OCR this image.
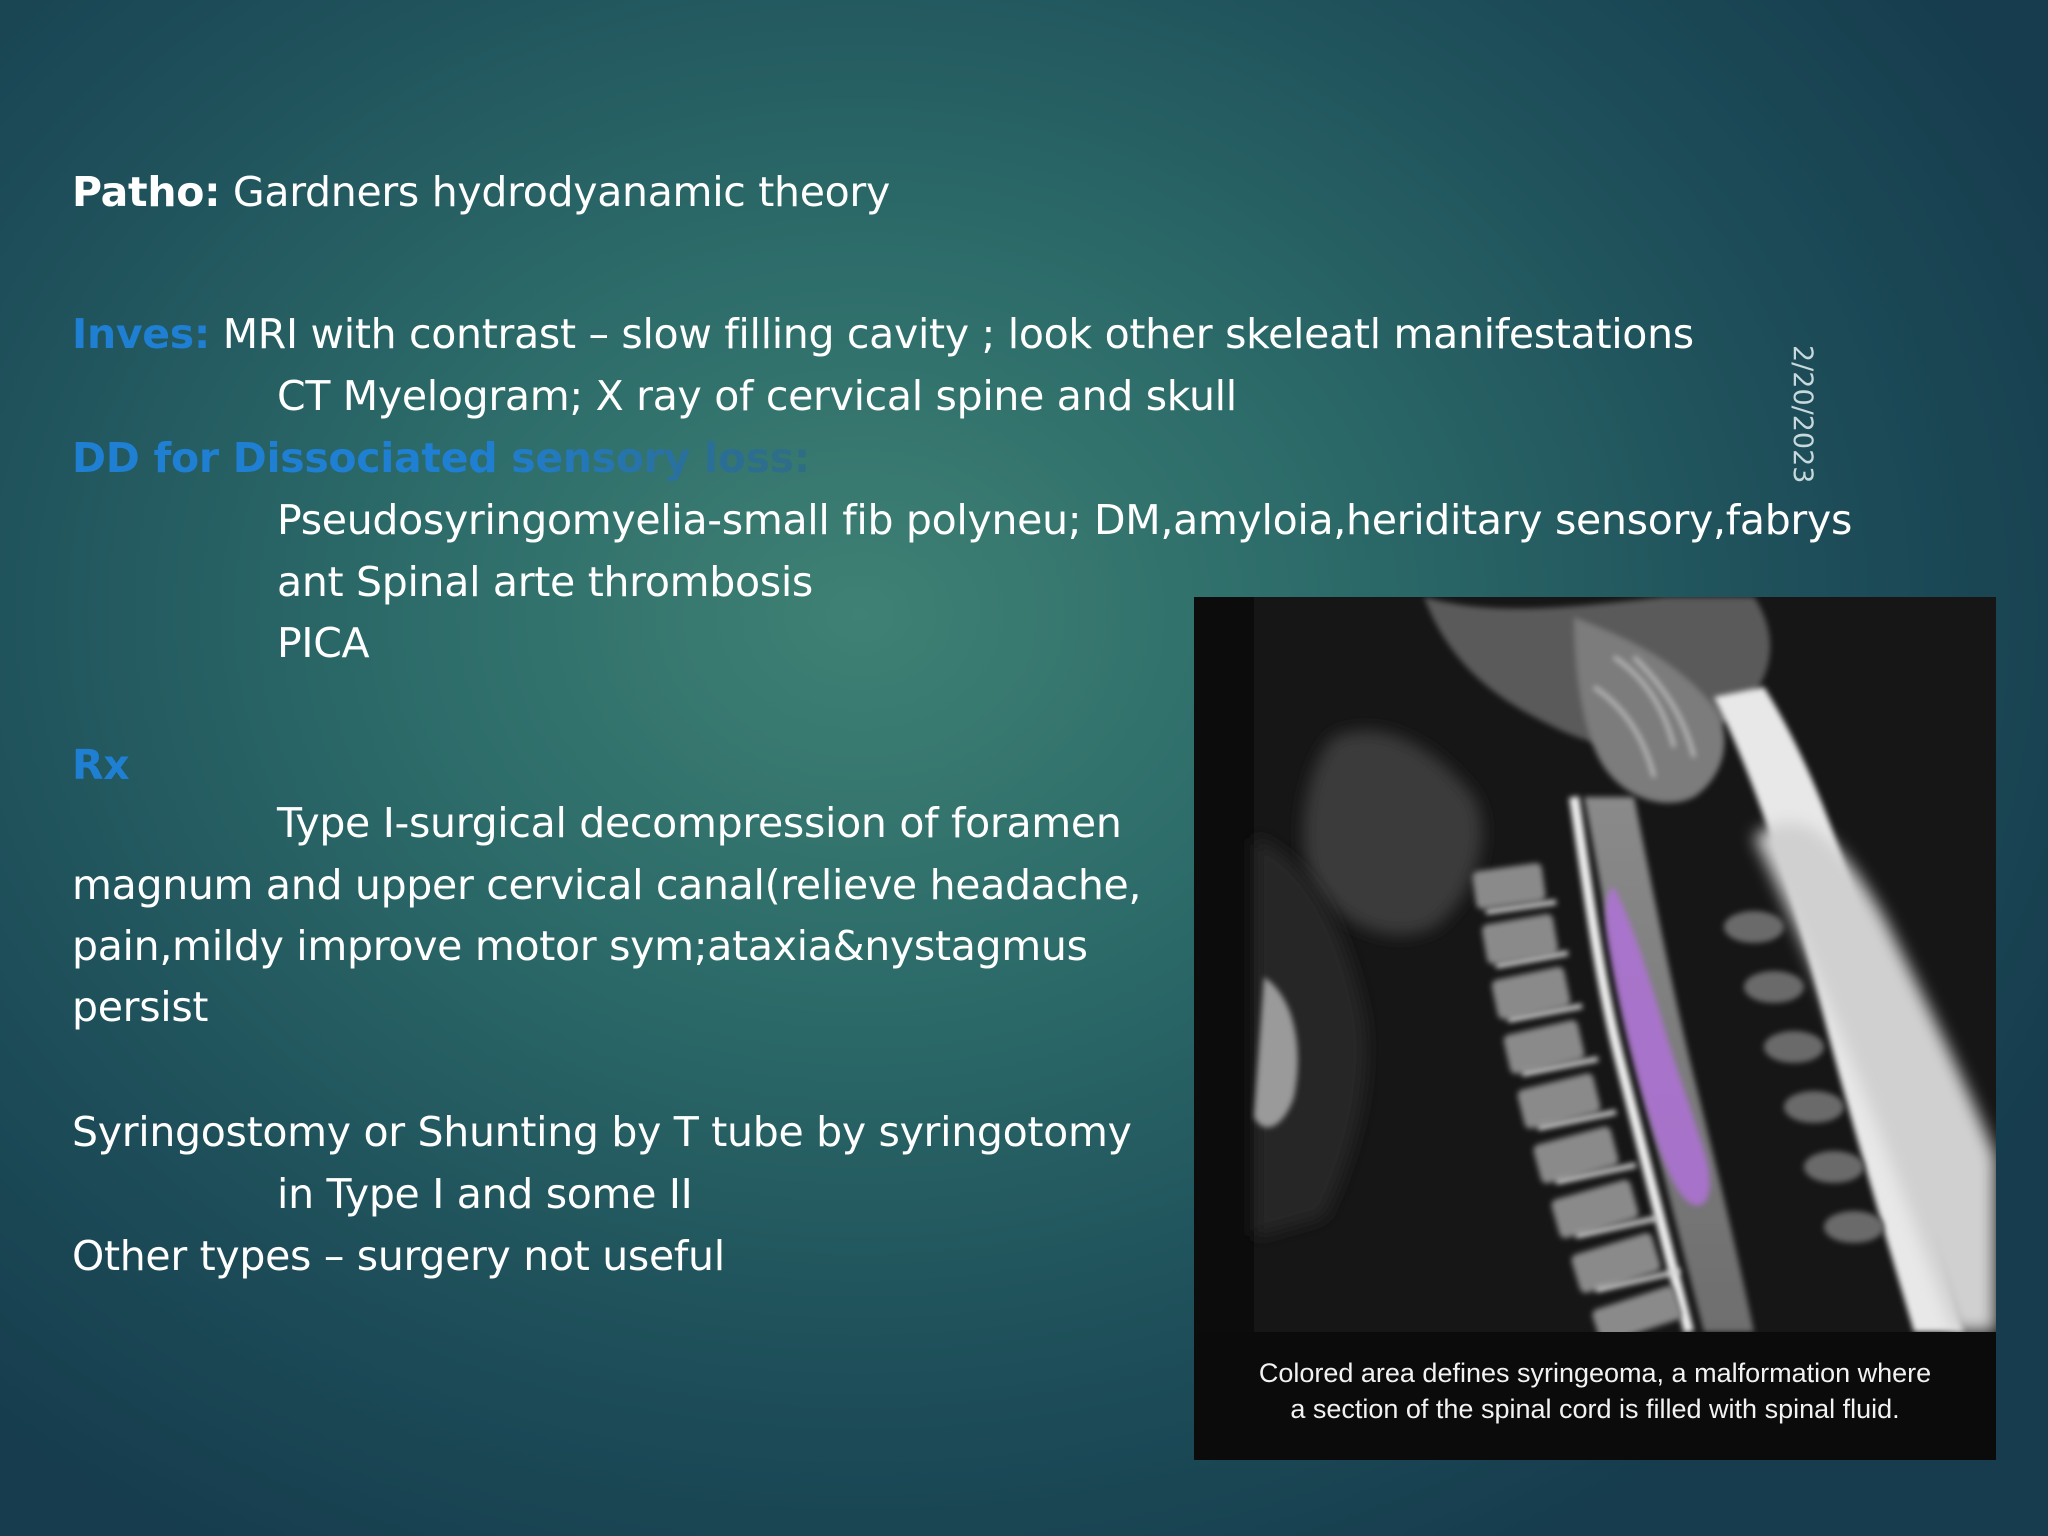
Patho: Gardners hydrodyanamic theory
Inves: MRI with contrast – slow filling cavity ; look other skeleatl manifestations
CT Myelogram; X ray of cervical spine and skull
DD for Dissociated sensory loss:
Pseudosyringomyelia-small fib polyneu; DM,amyloia,heridi​tary sensory,fabrys
ant Spinal arte thrombosis
PICA
Rx
Type I-surgical decompression of foramen
magnum and upper cervical canal(relieve headache,
pain,mildy improve motor sym;ataxia&nystagmus
persist
Syringostomy or Shunting by T tube by syringotomy
in Type I and some II
Other types – surgery not useful
2/20/2023
Colored area defines syringeoma, a malformation where
a section of the spinal cord is filled with spinal fluid.
